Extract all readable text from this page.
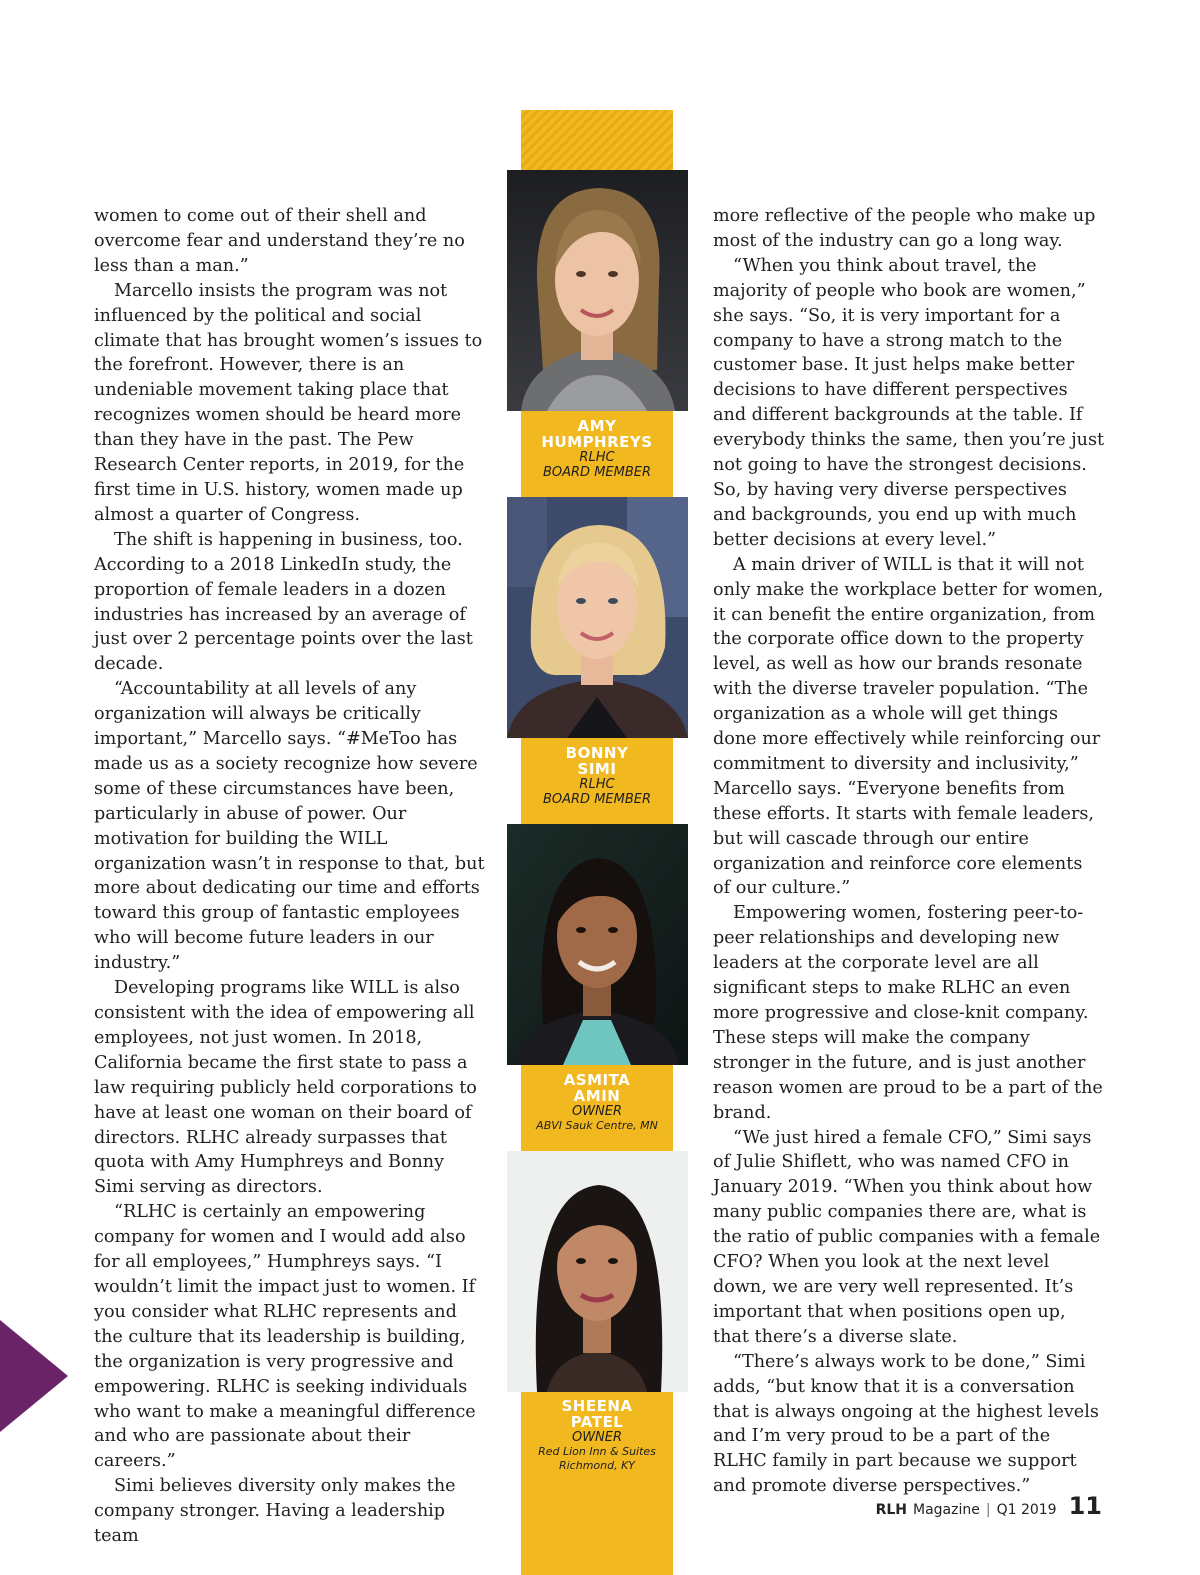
women to come out of their shell and overcome fear and understand they’re no less than a man.”

Marcello insists the program was not influenced by the political and social climate that has brought women’s issues to the forefront. However, there is an undeniable movement taking place that recognizes women should be heard more than they have in the past. The Pew Research Center reports, in 2019, for the first time in U.S. history, women made up almost a quarter of Congress.

The shift is happening in business, too. According to a 2018 LinkedIn study, the proportion of female leaders in a dozen industries has increased by an average of just over 2 percentage points over the last decade.

“Accountability at all levels of any organization will always be critically important,” Marcello says. “#MeToo has made us as a society recognize how severe some of these circumstances have been, particularly in abuse of power. Our motivation for building the WILL organization wasn’t in response to that, but more about dedicating our time and efforts toward this group of fantastic employees who will become future leaders in our industry.”

Developing programs like WILL is also consistent with the idea of empowering all employees, not just women. In 2018, California became the first state to pass a law requiring publicly held corporations to have at least one woman on their board of directors. RLHC already surpasses that quota with Amy Humphreys and Bonny Simi serving as directors.

“RLHC is certainly an empowering company for women and I would add also for all employees,” Humphreys says. “I wouldn’t limit the impact just to women. If you consider what RLHC represents and the culture that its leadership is building, the organization is very progressive and empowering. RLHC is seeking individuals who want to make a meaningful difference and who are passionate about their careers.”

Simi believes diversity only makes the company stronger. Having a leadership team

more reflective of the people who make up most of the industry can go a long way.

“When you think about travel, the majority of people who book are women,” she says. “So, it is very important for a company to have a strong match to the customer base. It just helps make better decisions to have different perspectives and different backgrounds at the table. If everybody thinks the same, then you’re just not going to have the strongest decisions. So, by having very diverse perspectives and backgrounds, you end up with much better decisions at every level.”

A main driver of WILL is that it will not only make the workplace better for women, it can benefit the entire organization, from the corporate office down to the property level, as well as how our brands resonate with the diverse traveler population. “The organization as a whole will get things done more effectively while reinforcing our commitment to diversity and inclusivity,” Marcello says. “Everyone benefits from these efforts. It starts with female leaders, but will cascade through our entire organization and reinforce core elements of our culture.”

Empowering women, fostering peer-to-peer relationships and developing new leaders at the corporate level are all significant steps to make RLHC an even more progressive and close-knit company. These steps will make the company stronger in the future, and is just another reason women are proud to be a part of the brand.

“We just hired a female CFO,” Simi says of Julie Shiflett, who was named CFO in January 2019. “When you think about how many public companies there are, what is the ratio of public companies with a female CFO? When you look at the next level down, we are very well represented. It’s important that when positions open up, that there’s a diverse slate.

“There’s always work to be done,” Simi adds, “but know that it is a conversation that is always ongoing at the highest levels and I’m very proud to be a part of the RLHC family in part because we support and promote diverse perspectives.”

AMY
HUMPHREYS
RLHC
BOARD MEMBER
BONNY
SIMI
RLHC
BOARD MEMBER
ASMITA
AMIN
OWNER
ABVI Sauk Centre, MN
SHEENA
PATEL
OWNER
Red Lion Inn & Suites
Richmond, KY
RLH Magazine | Q1 2019 11
